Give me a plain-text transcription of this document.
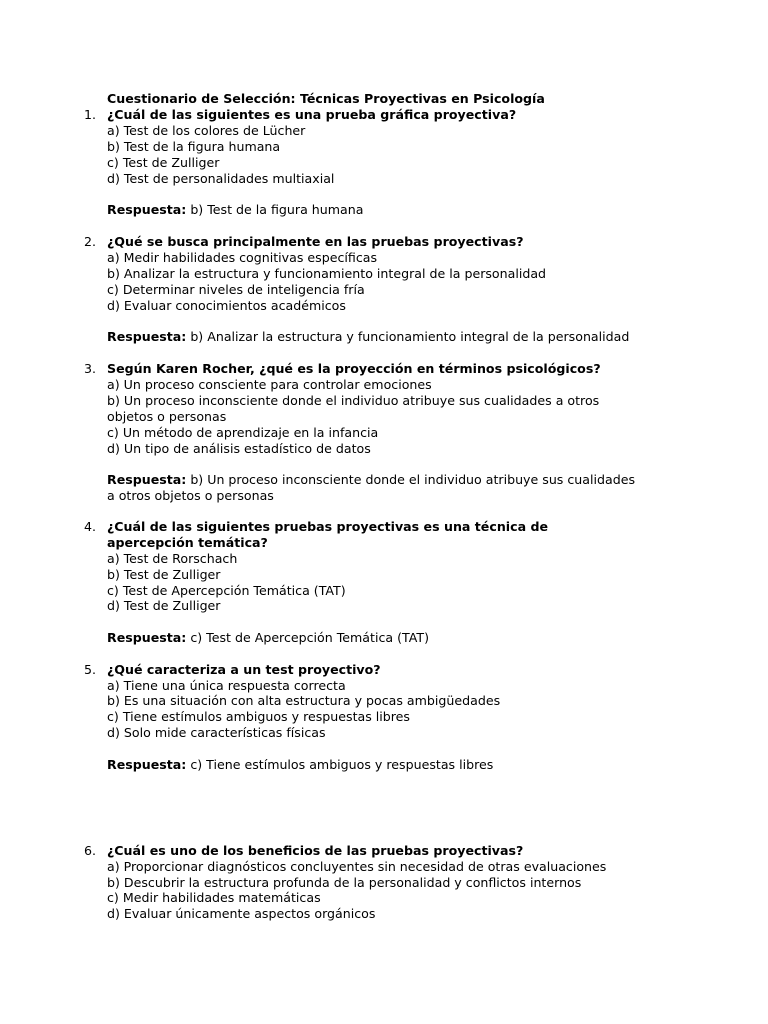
Cuestionario de Selección: Técnicas Proyectivas en Psicología
1. ¿Cuál de las siguientes es una prueba gráfica proyectiva?
a) Test de los colores de Lücher
b) Test de la figura humana
c) Test de Zulliger
d) Test de personalidades multiaxial
Respuesta: b) Test de la figura humana
2. ¿Qué se busca principalmente en las pruebas proyectivas?
a) Medir habilidades cognitivas específicas
b) Analizar la estructura y funcionamiento integral de la personalidad
c) Determinar niveles de inteligencia fría
d) Evaluar conocimientos académicos
Respuesta: b) Analizar la estructura y funcionamiento integral de la personalidad
3. Según Karen Rocher, ¿qué es la proyección en términos psicológicos?
a) Un proceso consciente para controlar emociones
b) Un proceso inconsciente donde el individuo atribuye sus cualidades a otros
objetos o personas
c) Un método de aprendizaje en la infancia
d) Un tipo de análisis estadístico de datos
Respuesta: b) Un proceso inconsciente donde el individuo atribuye sus cualidades
a otros objetos o personas
4. ¿Cuál de las siguientes pruebas proyectivas es una técnica de
apercepción temática?
a) Test de Rorschach
b) Test de Zulliger
c) Test de Apercepción Temática (TAT)
d) Test de Zulliger
Respuesta: c) Test de Apercepción Temática (TAT)
5. ¿Qué caracteriza a un test proyectivo?
a) Tiene una única respuesta correcta
b) Es una situación con alta estructura y pocas ambigüedades
c) Tiene estímulos ambiguos y respuestas libres
d) Solo mide características físicas
Respuesta: c) Tiene estímulos ambiguos y respuestas libres
6. ¿Cuál es uno de los beneficios de las pruebas proyectivas?
a) Proporcionar diagnósticos concluyentes sin necesidad de otras evaluaciones
b) Descubrir la estructura profunda de la personalidad y conflictos internos
c) Medir habilidades matemáticas
d) Evaluar únicamente aspectos orgánicos
